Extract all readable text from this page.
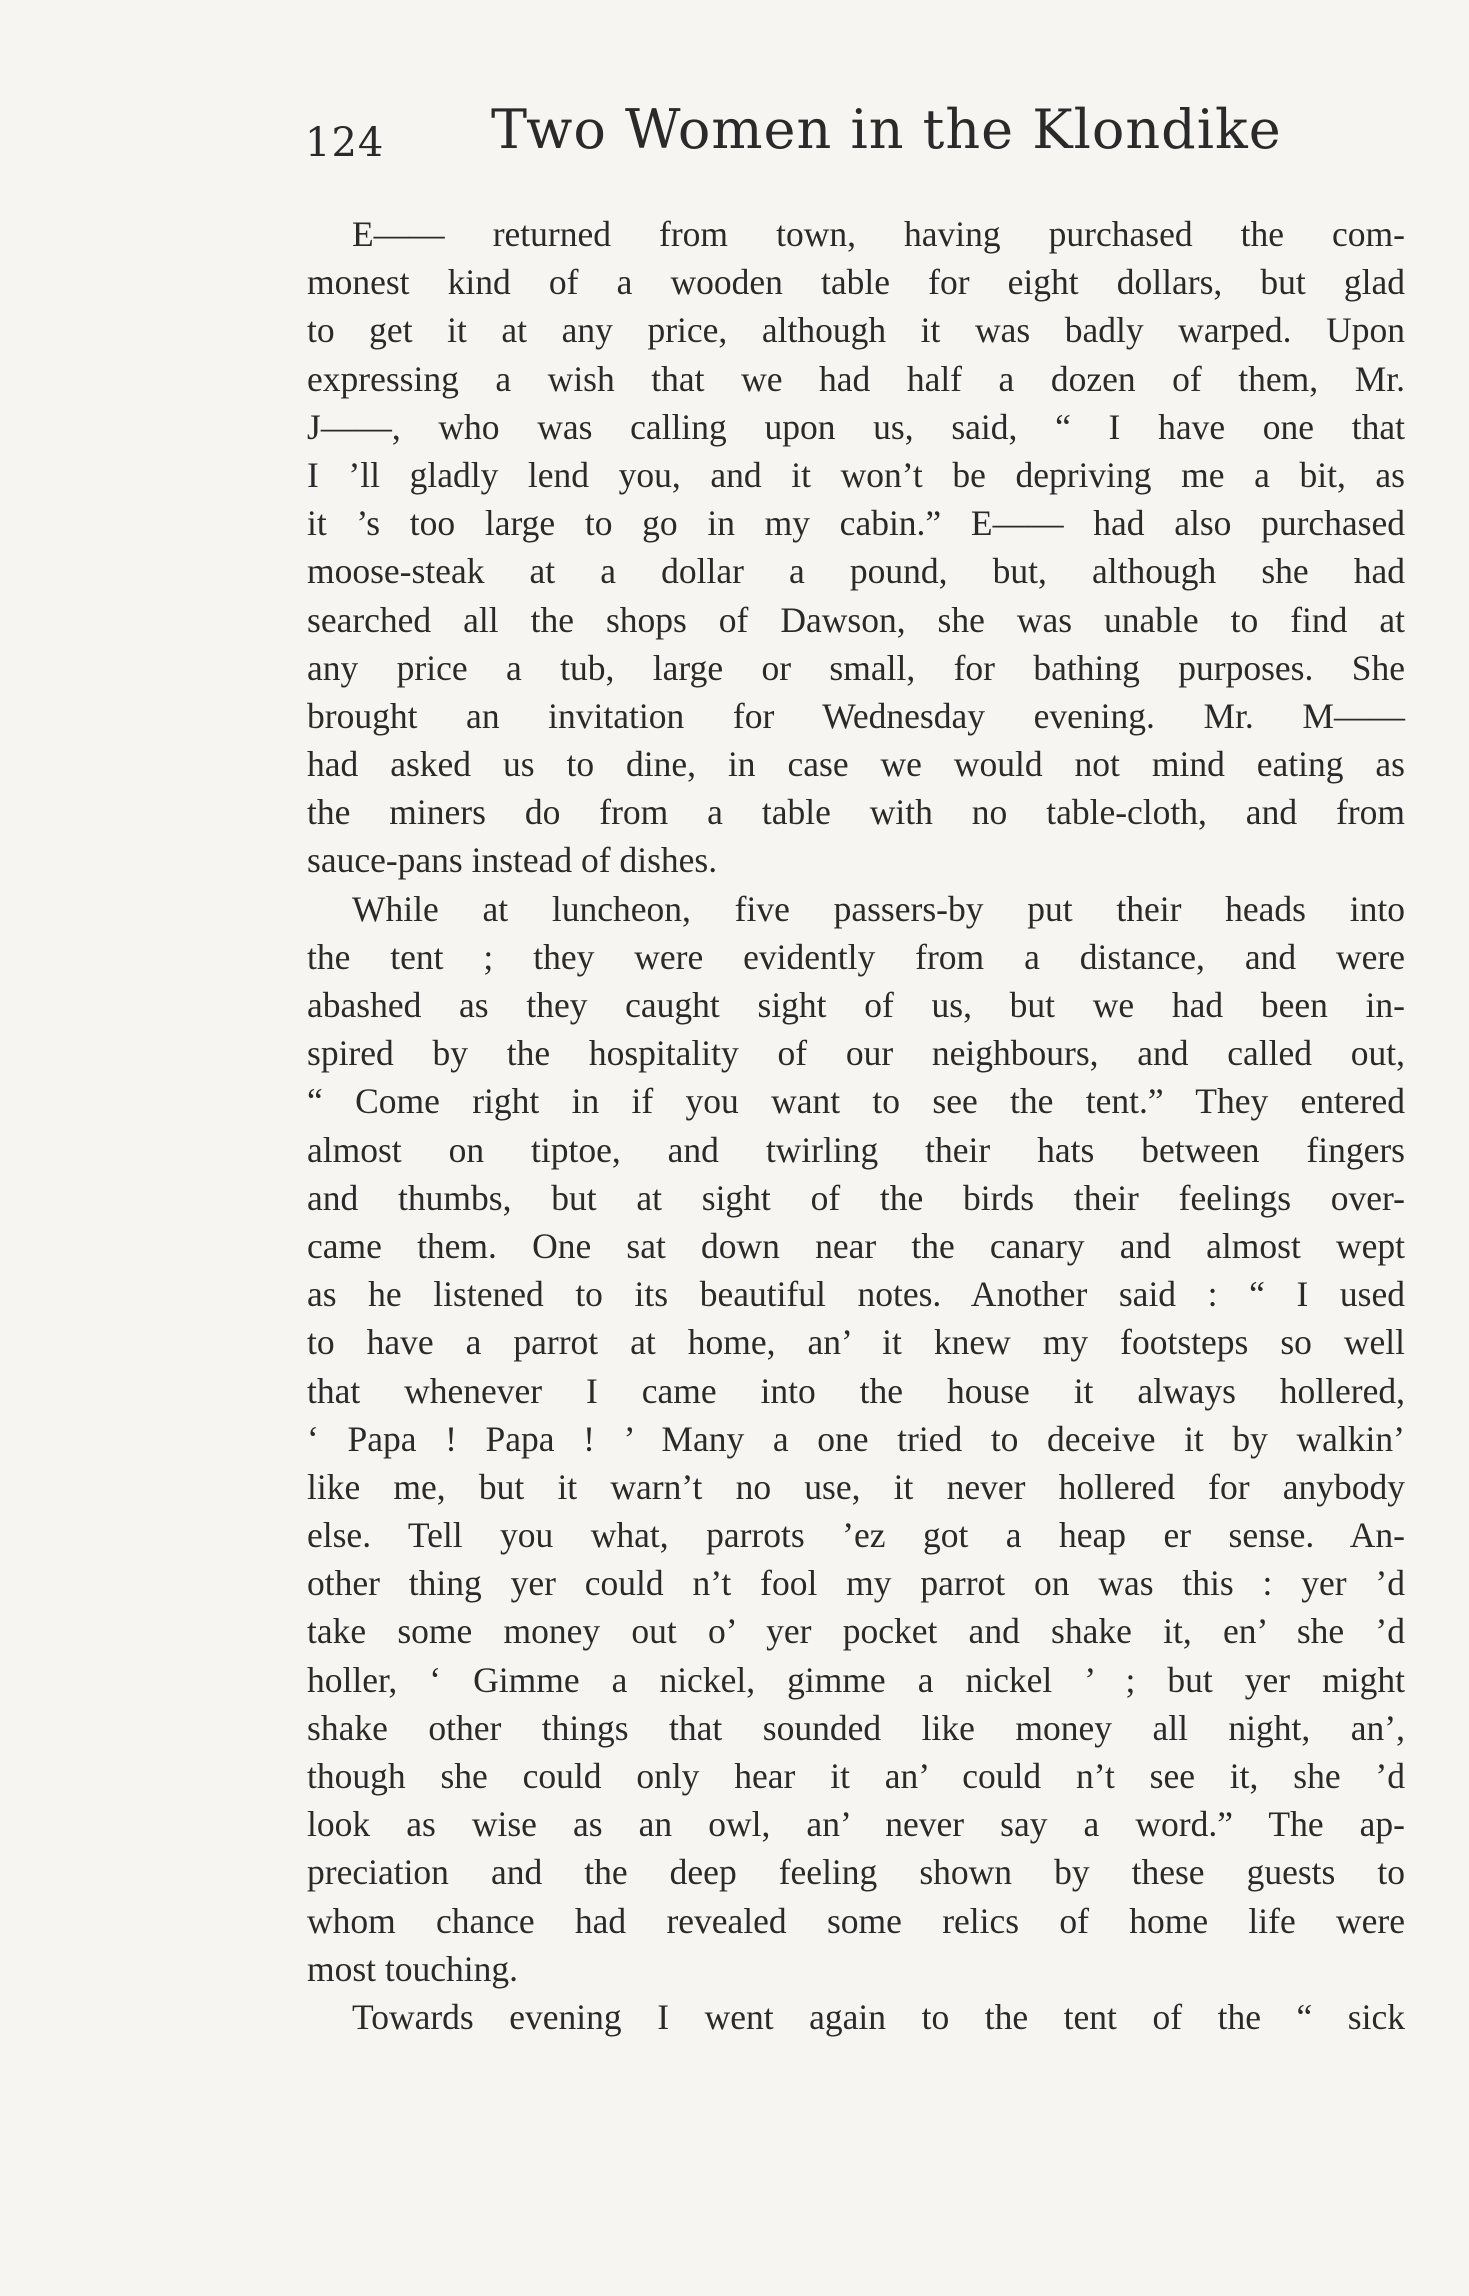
124 Two Women in the Klondike
E—— returned from town, having purchased the com-
monest kind of a wooden table for eight dollars, but glad
to get it at any price, although it was badly warped. Upon
expressing a wish that we had half a dozen of them, Mr.
J——, who was calling upon us, said, “ I have one that
I ’ll gladly lend you, and it won’t be depriving me a bit, as
it ’s too large to go in my cabin.” E—— had also purchased
moose-steak at a dollar a pound, but, although she had
searched all the shops of Dawson, she was unable to find at
any price a tub, large or small, for bathing purposes. She
brought an invitation for Wednesday evening. Mr. M——
had asked us to dine, in case we would not mind eating as
the miners do from a table with no table-cloth, and from
sauce-pans instead of dishes.
While at luncheon, five passers-by put their heads into
the tent ; they were evidently from a distance, and were
abashed as they caught sight of us, but we had been in-
spired by the hospitality of our neighbours, and called out,
“ Come right in if you want to see the tent.” They entered
almost on tiptoe, and twirling their hats between fingers
and thumbs, but at sight of the birds their feelings over-
came them. One sat down near the canary and almost wept
as he listened to its beautiful notes. Another said : “ I used
to have a parrot at home, an’ it knew my footsteps so well
that whenever I came into the house it always hollered,
‘ Papa ! Papa ! ’ Many a one tried to deceive it by walkin’
like me, but it warn’t no use, it never hollered for anybody
else. Tell you what, parrots ’ez got a heap er sense. An-
other thing yer could n’t fool my parrot on was this : yer ’d
take some money out o’ yer pocket and shake it, en’ she ’d
holler, ‘ Gimme a nickel, gimme a nickel ’ ; but yer might
shake other things that sounded like money all night, an’,
though she could only hear it an’ could n’t see it, she ’d
look as wise as an owl, an’ never say a word.” The ap-
preciation and the deep feeling shown by these guests to
whom chance had revealed some relics of home life were
most touching.
Towards evening I went again to the tent of the “ sick
